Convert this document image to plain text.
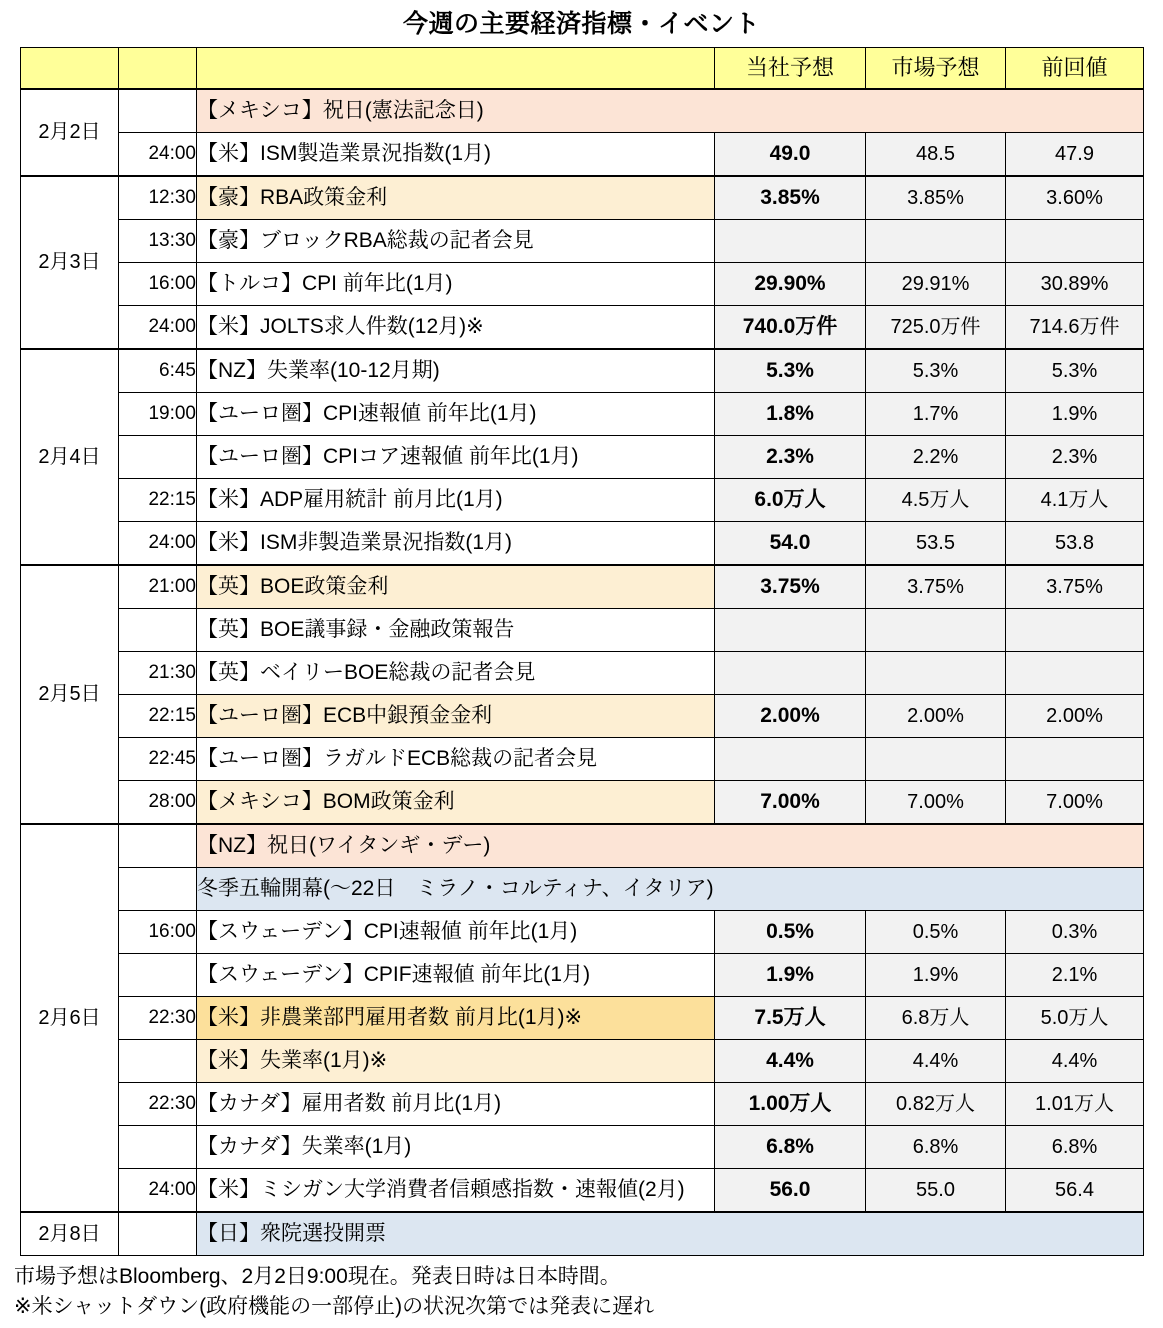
今週の主要経済指標・イベント
			当社予想	市場予想	前回値
2月2日		【メキシコ】祝日(憲法記念日)			
	24:00	【米】ISM製造業景況指数(1月)	49.0	48.5	47.9
2月3日	12:30	【豪】RBA政策金利	3.85%	3.85%	3.60%
	13:30	【豪】ブロックRBA総裁の記者会見			
	16:00	【トルコ】CPI 前年比(1月)	29.90%	29.91%	30.89%
	24:00	【米】JOLTS求人件数(12月)※	740.0万件	725.0万件	714.6万件
2月4日	6:45	【NZ】失業率(10-12月期)	5.3%	5.3%	5.3%
	19:00	【ユーロ圏】CPI速報値 前年比(1月)	1.8%	1.7%	1.9%
		【ユーロ圏】CPIコア速報値 前年比(1月)	2.3%	2.2%	2.3%
	22:15	【米】ADP雇用統計 前月比(1月)	6.0万人	4.5万人	4.1万人
	24:00	【米】ISM非製造業景況指数(1月)	54.0	53.5	53.8
2月5日	21:00	【英】BOE政策金利	3.75%	3.75%	3.75%
		【英】BOE議事録・金融政策報告			
	21:30	【英】ベイリーBOE総裁の記者会見			
	22:15	【ユーロ圏】ECB中銀預金金利	2.00%	2.00%	2.00%
	22:45	【ユーロ圏】ラガルドECB総裁の記者会見			
	28:00	【メキシコ】BOM政策金利	7.00%	7.00%	7.00%
2月6日		【NZ】祝日(ワイタンギ・デー)			
		冬季五輪開幕(～22日　ミラノ・コルティナ、イタリア)			
	16:00	【スウェーデン】CPI速報値 前年比(1月)	0.5%	0.5%	0.3%
		【スウェーデン】CPIF速報値 前年比(1月)	1.9%	1.9%	2.1%
	22:30	【米】非農業部門雇用者数 前月比(1月)※	7.5万人	6.8万人	5.0万人
		【米】失業率(1月)※	4.4%	4.4%	4.4%
	22:30	【カナダ】雇用者数 前月比(1月)	1.00万人	0.82万人	1.01万人
		【カナダ】失業率(1月)	6.8%	6.8%	6.8%
	24:00	【米】ミシガン大学消費者信頼感指数・速報値(2月)	56.0	55.0	56.4
2月8日		【日】衆院選投開票			
市場予想はBloomberg、2月2日9:00現在。発表日時は日本時間。
※米シャットダウン(政府機能の一部停止)の状況次第では発表に遅れ
